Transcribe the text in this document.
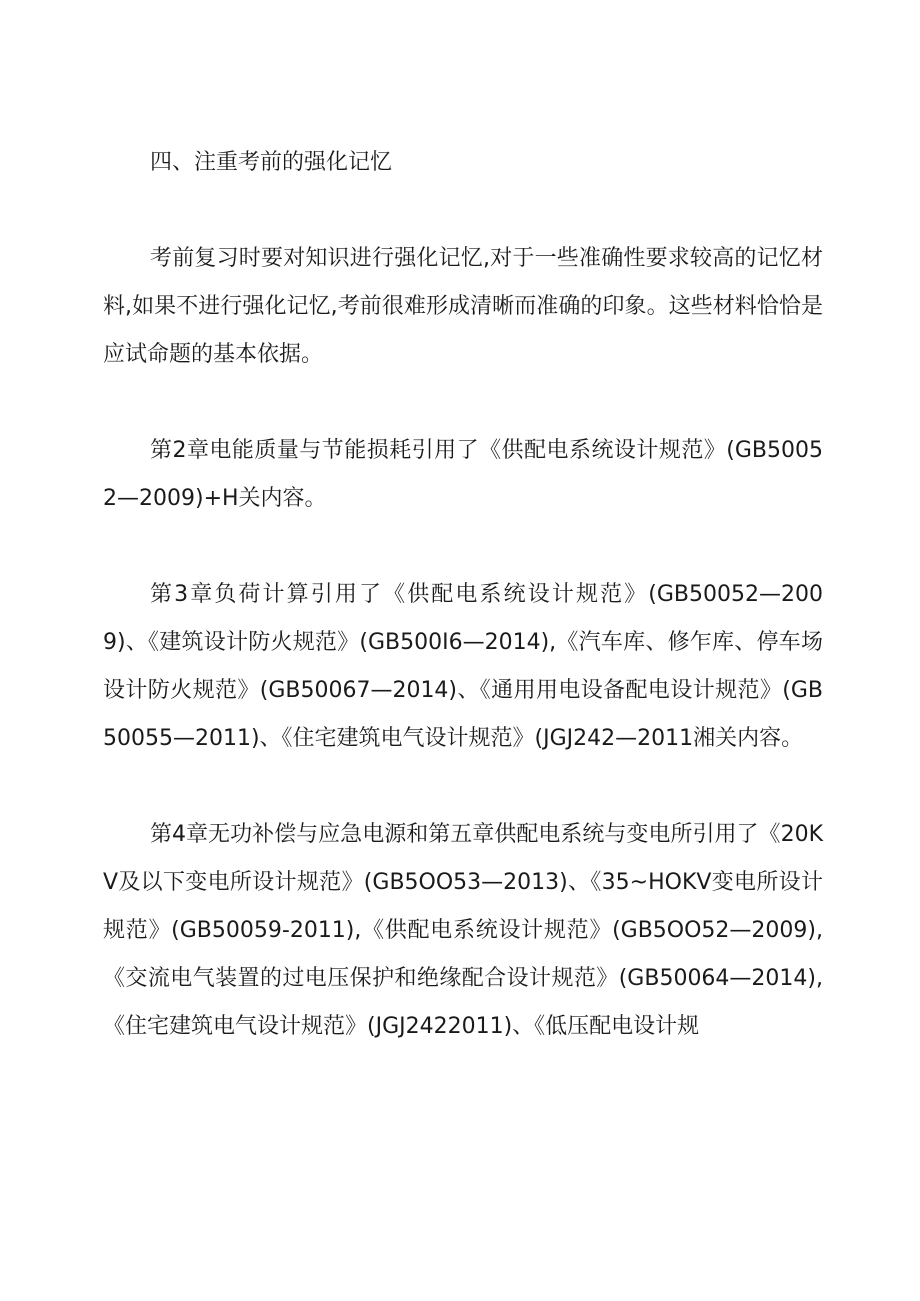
四、注重考前的强化记忆

考前复习时要对知识进行强化记忆,对于一些准确性要求较高的记忆材料,如果不进行强化记忆,考前很难形成清晰而准确的印象。这些材料恰恰是应试命题的基本依据。

第2章电能质量与节能损耗引用了《供配电系统设计规范》(GB50052—2009)+H关内容。

第3章负荷计算引用了《供配电系统设计规范》(GB50052—2009)、《建筑设计防火规范》(GB500I6—2014),《汽车库、修乍库、停车场设计防火规范》(GB50067—2014)、《通用用电设备配电设计规范》(GB50055—2011)、《住宅建筑电气设计规范》(JGJ242—2011湘关内容。

第4章无功补偿与应急电源和第五章供配电系统与变电所引用了《20KV及以下变电所设计规范》(GB5OO53—2013)、《35~HOKV变电所设计规范》(GB50059-2011),《供配电系统设计规范》(GB5OO52—2009),《交流电气装置的过电压保护和绝缘配合设计规范》(GB50064—2014),《住宅建筑电气设计规范》(JGJ2422011)、《低压配电设计规
